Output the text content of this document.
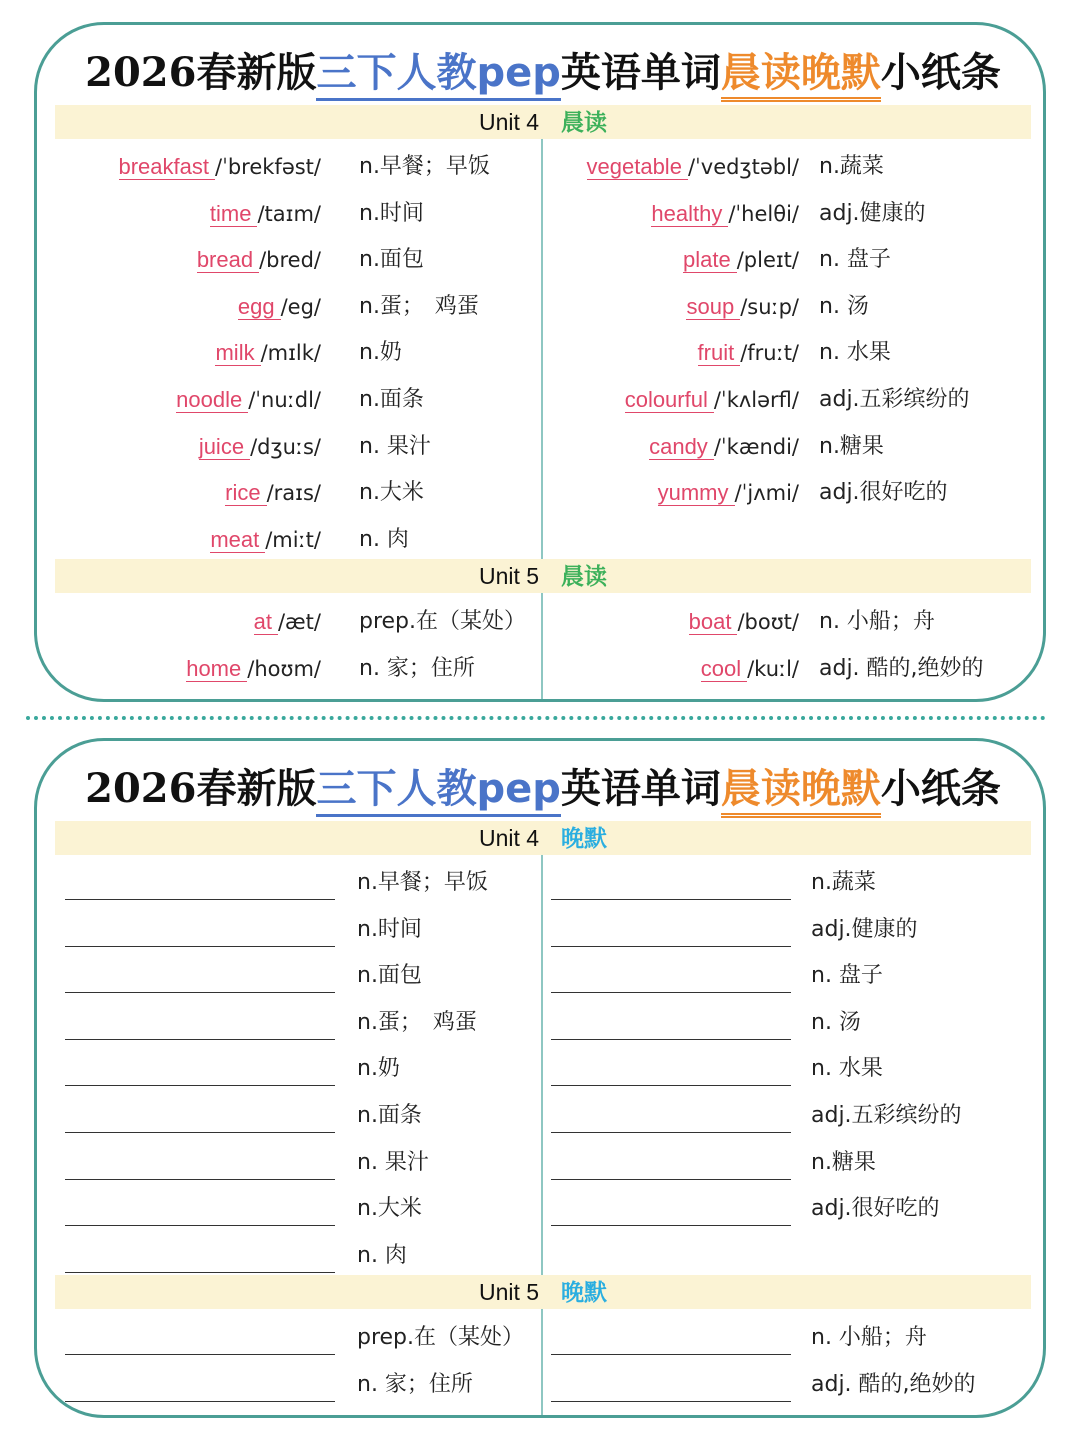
2026春新版三下人教pep英语单词晨读晚默小纸条
Unit 4 晨读
breakfast /ˈbrekfəst/ n.早餐；早饭
time /taɪm/ n.时间
bread /bred/ n.面包
egg /eg/ n.蛋；　鸡蛋
milk /mɪlk/ n.奶
noodle /ˈnuːdl/ n.面条
juice /dʒuːs/ n. 果汁
rice /raɪs/ n.大米
meat /miːt/ n. 肉
vegetable /ˈvedʒtəbl/ n.蔬菜
healthy /ˈhelθi/ adj.健康的
plate /pleɪt/ n. 盘子
soup /suːp/ n. 汤
fruit /fruːt/ n. 水果
colourful /ˈkʌlərfl/ adj.五彩缤纷的
candy /ˈkændi/ n.糖果
yummy /ˈjʌmi/ adj.很好吃的
Unit 5 晨读
at /æt/ prep.在（某处）
home /hoʊm/ n. 家；住所
boat /boʊt/ n. 小船；舟
cool /kuːl/ adj. 酷的,绝妙的
2026春新版三下人教pep英语单词晨读晚默小纸条
Unit 4 晚默
n.早餐；早饭
n.时间
n.面包
n.蛋；　鸡蛋
n.奶
n.面条
n. 果汁
n.大米
n. 肉
n.蔬菜
adj.健康的
n. 盘子
n. 汤
n. 水果
adj.五彩缤纷的
n.糖果
adj.很好吃的
Unit 5 晚默
prep.在（某处）
n. 家；住所
n. 小船；舟
adj. 酷的,绝妙的
